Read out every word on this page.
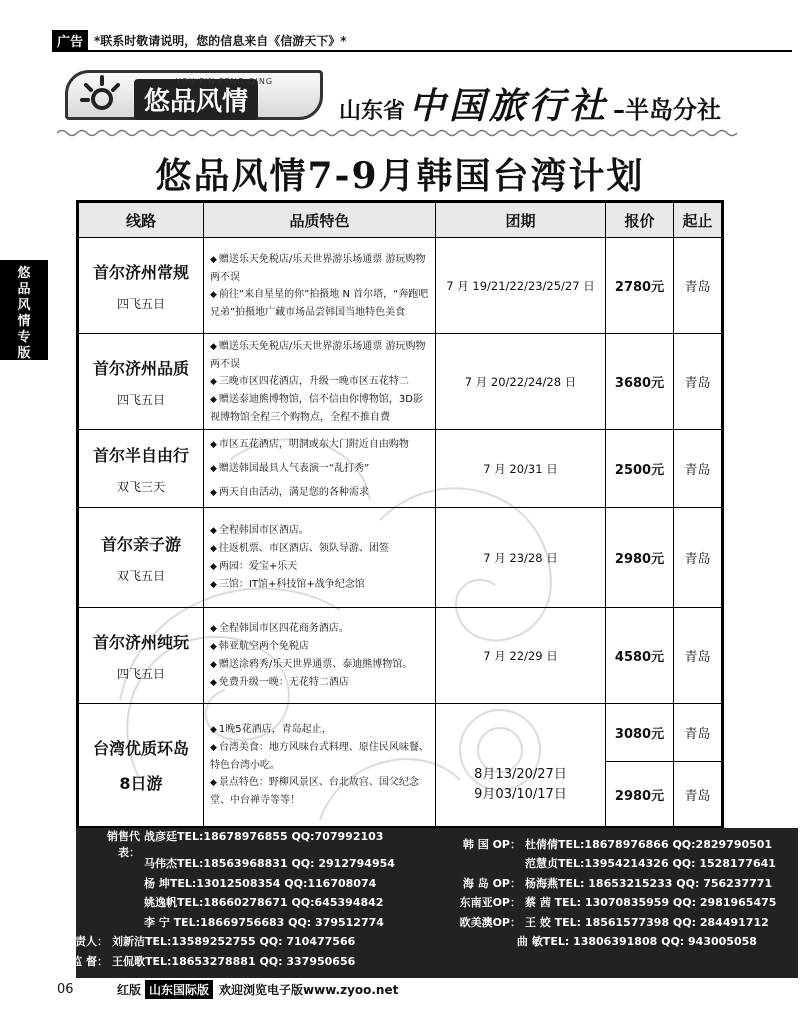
广告 *联系时敬请说明，您的信息来自《信游天下》*
悠
品
风
情
专
版
YOU PIN FENG QING
悠品风情	山东省 中国旅行社 –半岛分社
悠品风情7-9月韩国台湾计划
线路	品质特色	团期	报价	起止

首尔济州常规
四飞五日	◆ 赠送乐天免税店/乐天世界游乐场通票 游玩购物两不误
◆ 前往“来自星星的你”拍摄地 N 首尔塔，“奔跑吧兄弟”拍摄地广藏市场品尝韩国当地特色美食	7 月 19/21/22/23/25/27 日	2780元	青岛

首尔济州品质
四飞五日	◆ 赠送乐天免税店/乐天世界游乐场通票 游玩购物两不误
◆ 三晚市区四花酒店，升级一晚市区五花特二
◆ 赠送泰迪熊博物馆，信不信由你博物馆，3D影视博物馆全程三个购物点，全程不推自费	7 月 20/22/24/28 日	3680元	青岛

首尔半自由行
双飞三天	◆ 市区五花酒店，明洞或东大门附近自由购物
◆ 赠送韩国最具人气表演一“乱打秀”
◆ 两天自由活动，满足您的各种需求	7 月 20/31 日	2500元	青岛

首尔亲子游
双飞五日	◆ 全程韩国市区酒店。
◆ 往返机票、市区酒店、领队导游、团签
◆ 两园：爱宝+乐天
◆ 三馆：IT馆+科技馆+战争纪念馆	7 月 23/28 日	2980元	青岛

首尔济州纯玩
四飞五日	◆ 全程韩国市区四花商务酒店。
◆ 韩亚航空两个免税店
◆ 赠送涂鸦秀/乐天世界通票、泰迪熊博物馆。
◆ 免费升级一晚：无花特二酒店	7 月 22/29 日	4580元	青岛

台湾优质环岛
8日游	◆ 1晚5花酒店，青岛起止，
◆ 台湾美食：地方风味台式料理、原住民风味餐、特色台湾小吃。
◆ 景点特色：野柳风景区、台北故宫、国父纪念堂、中台禅寺等等！	8月13/20/27日
9月03/10/17日	3080元	青岛
			2980元	青岛
销售代表：
战彦廷TEL:18678976855 QQ:707992103
韩 国 OP： 杜倩倩TEL:18678976866 QQ:2829790501
马伟杰TEL:18563968831 QQ: 2912794954	范慧贞TEL:13954214326 QQ: 1528177641
杨 坤TEL:13012508354 QQ:116708074	海 岛 OP： 杨海燕TEL: 18653215233 QQ: 756237771
姚逸帆TEL:18660278671 QQ:645394842	东南亚OP： 蔡 茜 TEL: 13070835959 QQ: 2981965475
李 宁 TEL:18669756683 QQ: 379512774	欧美澳OP： 王 姣 TEL: 18561577398 QQ: 284491712
东南亚负责人： 刘新洁TEL:13589252755 QQ: 710477566	曲 敏TEL: 13806391808 QQ: 943005058
质 量 监 督： 王侃歌TEL:18653278881 QQ: 337950656
06	红版 山东国际版 欢迎浏览电子版www.zyoo.net
